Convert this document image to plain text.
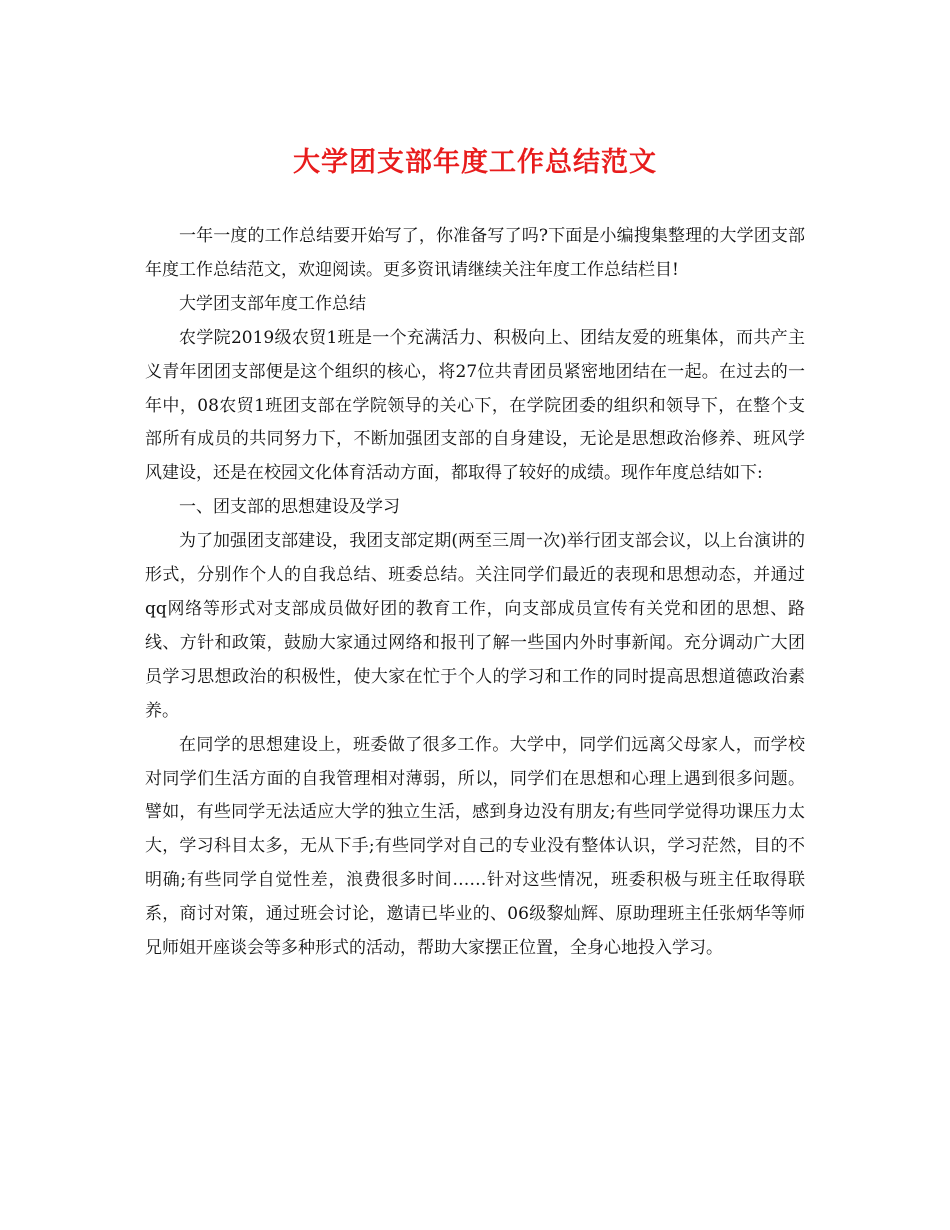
大学团支部年度工作总结范文

一年一度的工作总结要开始写了，你准备写了吗?下面是小编搜集整理的大学团支部年度工作总结范文，欢迎阅读。更多资讯请继续关注年度工作总结栏目!

大学团支部年度工作总结

农学院2019级农贸1班是一个充满活力、积极向上、团结友爱的班集体，而共产主义青年团团支部便是这个组织的核心，将27位共青团员紧密地团结在一起。在过去的一年中，08农贸1班团支部在学院领导的关心下，在学院团委的组织和领导下，在整个支部所有成员的共同努力下，不断加强团支部的自身建设，无论是思想政治修养、班风学风建设，还是在校园文化体育活动方面，都取得了较好的成绩。现作年度总结如下:

一、团支部的思想建设及学习

为了加强团支部建设，我团支部定期(两至三周一次)举行团支部会议，以上台演讲的形式，分别作个人的自我总结、班委总结。关注同学们最近的表现和思想动态，并通过qq网络等形式对支部成员做好团的教育工作，向支部成员宣传有关党和团的思想、路线、方针和政策，鼓励大家通过网络和报刊了解一些国内外时事新闻。充分调动广大团员学习思想政治的积极性，使大家在忙于个人的学习和工作的同时提高思想道德政治素养。

在同学的思想建设上，班委做了很多工作。大学中，同学们远离父母家人，而学校对同学们生活方面的自我管理相对薄弱，所以，同学们在思想和心理上遇到很多问题。譬如，有些同学无法适应大学的独立生活，感到身边没有朋友;有些同学觉得功课压力太大，学习科目太多，无从下手;有些同学对自己的专业没有整体认识，学习茫然，目的不明确;有些同学自觉性差，浪费很多时间……针对这些情况，班委积极与班主任取得联系，商讨对策，通过班会讨论，邀请已毕业的、06级黎灿辉、原助理班主任张炳华等师兄师姐开座谈会等多种形式的活动，帮助大家摆正位置，全身心地投入学习。
